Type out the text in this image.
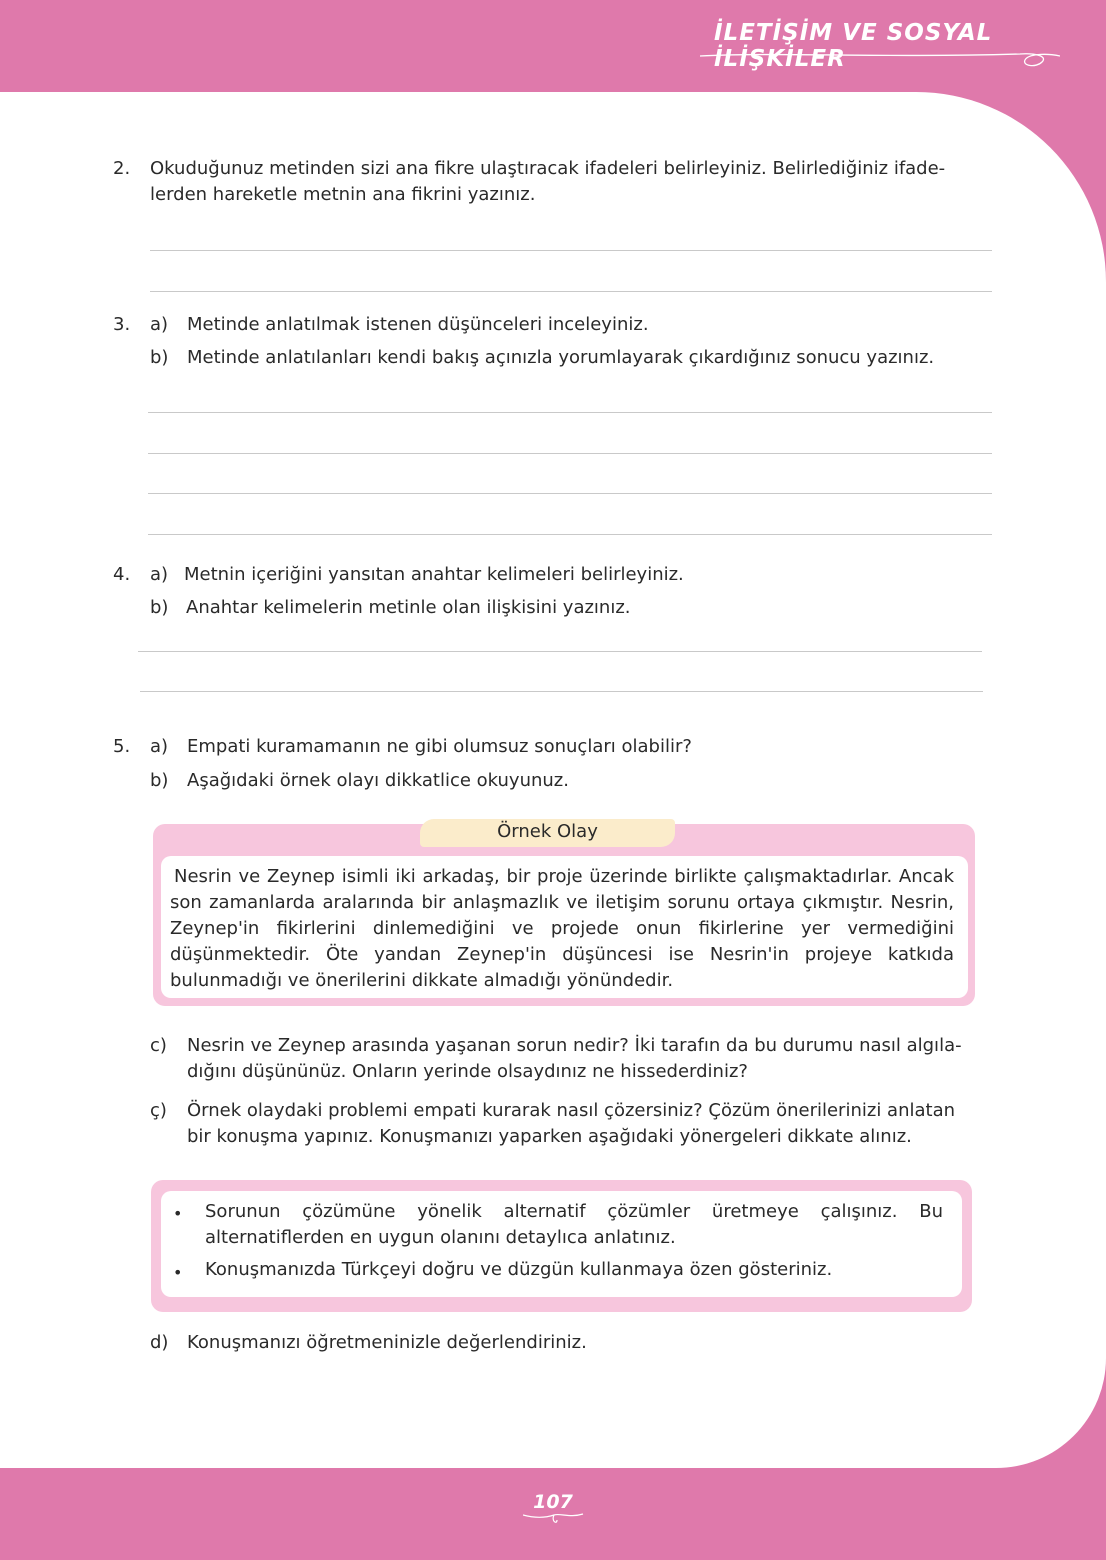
İLETİŞİM VE SOSYAL İLİŞKİLER
2. Okuduğunuz metinden sizi ana fikre ulaştıracak ifadeleri belirleyiniz. Belirlediğiniz ifade-
lerden hareketle metnin ana fikrini yazınız.
3. a) Metinde anlatılmak istenen düşünceleri inceleyiniz.
b) Metinde anlatılanları kendi bakış açınızla yorumlayarak çıkardığınız sonucu yazınız.
4. a) Metnin içeriğini yansıtan anahtar kelimeleri belirleyiniz.
b) Anahtar kelimelerin metinle olan ilişkisini yazınız.
5. a) Empati kuramamanın ne gibi olumsuz sonuçları olabilir?
b) Aşağıdaki örnek olayı dikkatlice okuyunuz.
Örnek Olay
Nesrin ve Zeynep isimli iki arkadaş, bir proje üzerinde birlikte çalışmaktadırlar. Ancak son zamanlarda aralarında bir anlaşmazlık ve iletişim sorunu ortaya çıkmıştır. Nesrin, Zeynep'in fikirlerini dinlemediğini ve projede onun fikirlerine yer vermediğini düşünmektedir. Öte yandan Zeynep'in düşüncesi ise Nesrin'in projeye katkıda bulunmadığı ve önerilerini dikkate almadığı yönündedir.
c) Nesrin ve Zeynep arasında yaşanan sorun nedir? İki tarafın da bu durumu nasıl algıla-
dığını düşününüz. Onların yerinde olsaydınız ne hissederdiniz?
ç) Örnek olaydaki problemi empati kurarak nasıl çözersiniz? Çözüm önerilerinizi anlatan
bir konuşma yapınız. Konuşmanızı yaparken aşağıdaki yönergeleri dikkate alınız.
• Sorunun çözümüne yönelik alternatif çözümler üretmeye çalışınız. Bu alternatiflerden en uygun olanını detaylıca anlatınız.
• Konuşmanızda Türkçeyi doğru ve düzgün kullanmaya özen gösteriniz.
d) Konuşmanızı öğretmeninizle değerlendiriniz.
107
